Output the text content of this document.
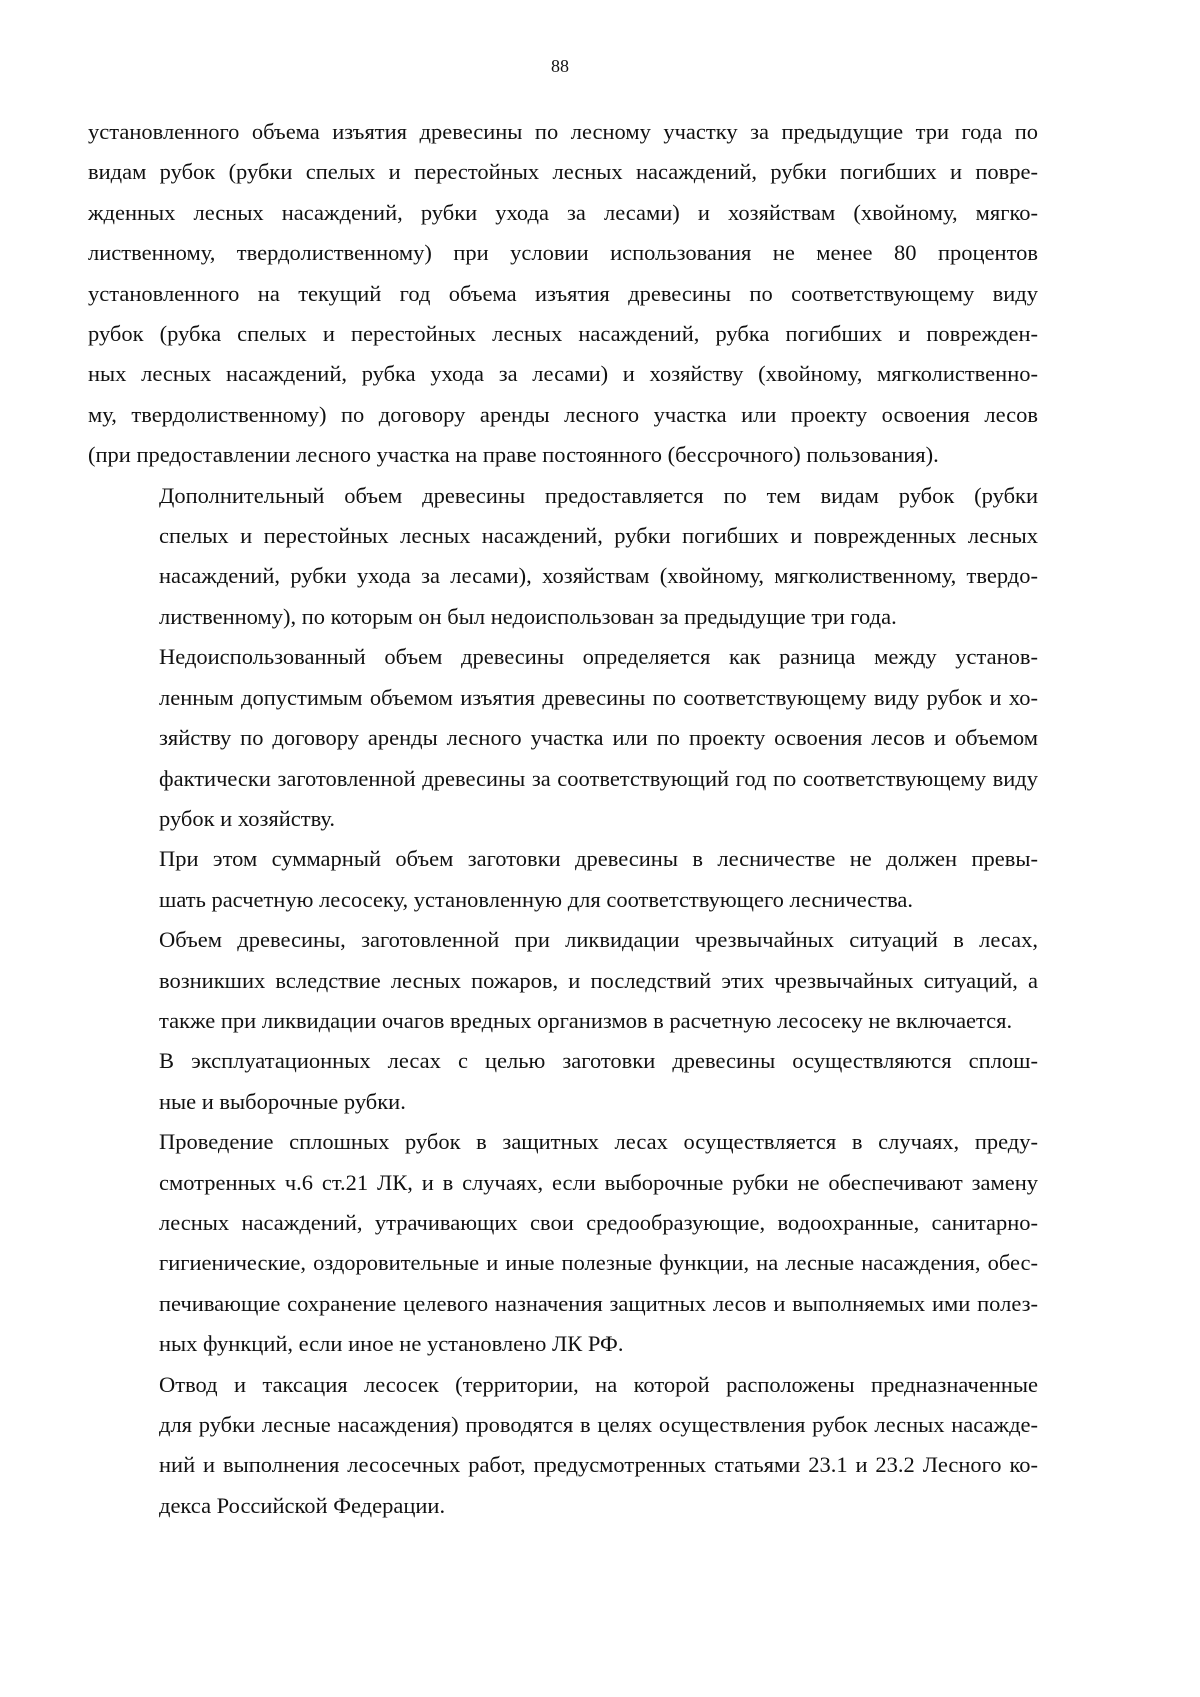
88

установленного объема изъятия древесины по лесному участку за предыдущие три года по
видам рубок (рубки спелых и перестойных лесных насаждений, рубки погибших и повре-
жденных лесных насаждений, рубки ухода за лесами) и хозяйствам (хвойному, мягко-
лиственному, твердолиственному) при условии использования не менее 80 процентов
установленного на текущий год объема изъятия древесины по соответствующему виду
рубок (рубка спелых и перестойных лесных насаждений, рубка погибших и поврежден-
ных лесных насаждений, рубка ухода за лесами) и хозяйству (хвойному, мягколиственно-
му, твердолиственному) по договору аренды лесного участка или проекту освоения лесов
(при предоставлении лесного участка на праве постоянного (бессрочного) пользования).

Дополнительный объем древесины предоставляется по тем видам рубок (рубки
спелых и перестойных лесных насаждений, рубки погибших и поврежденных лесных
насаждений, рубки ухода за лесами), хозяйствам (хвойному, мягколиственному, твердо-
лиственному), по которым он был недоиспользован за предыдущие три года.

Недоиспользованный объем древесины определяется как разница между установ-
ленным допустимым объемом изъятия древесины по соответствующему виду рубок и хо-
зяйству по договору аренды лесного участка или по проекту освоения лесов и объемом
фактически заготовленной древесины за соответствующий год по соответствующему виду
рубок и хозяйству.

При этом суммарный объем заготовки древесины в лесничестве не должен превы-
шать расчетную лесосеку, установленную для соответствующего лесничества.

Объем древесины, заготовленной при ликвидации чрезвычайных ситуаций в лесах,
возникших вследствие лесных пожаров, и последствий этих чрезвычайных ситуаций, а
также при ликвидации очагов вредных организмов в расчетную лесосеку не включается.

В эксплуатационных лесах с целью заготовки древесины осуществляются сплош-
ные и выборочные рубки.

Проведение сплошных рубок в защитных лесах осуществляется в случаях, преду-
смотренных ч.6 ст.21 ЛК, и в случаях, если выборочные рубки не обеспечивают замену
лесных насаждений, утрачивающих свои средообразующие, водоохранные, санитарно-
гигиенические, оздоровительные и иные полезные функции, на лесные насаждения, обес-
печивающие сохранение целевого назначения защитных лесов и выполняемых ими полез-
ных функций, если иное не установлено ЛК РФ.

Отвод и таксация лесосек (территории, на которой расположены предназначенные
для рубки лесные насаждения) проводятся в целях осуществления рубок лесных насажде-
ний и выполнения лесосечных работ, предусмотренных статьями 23.1 и 23.2 Лесного ко-
декса Российской Федерации.
